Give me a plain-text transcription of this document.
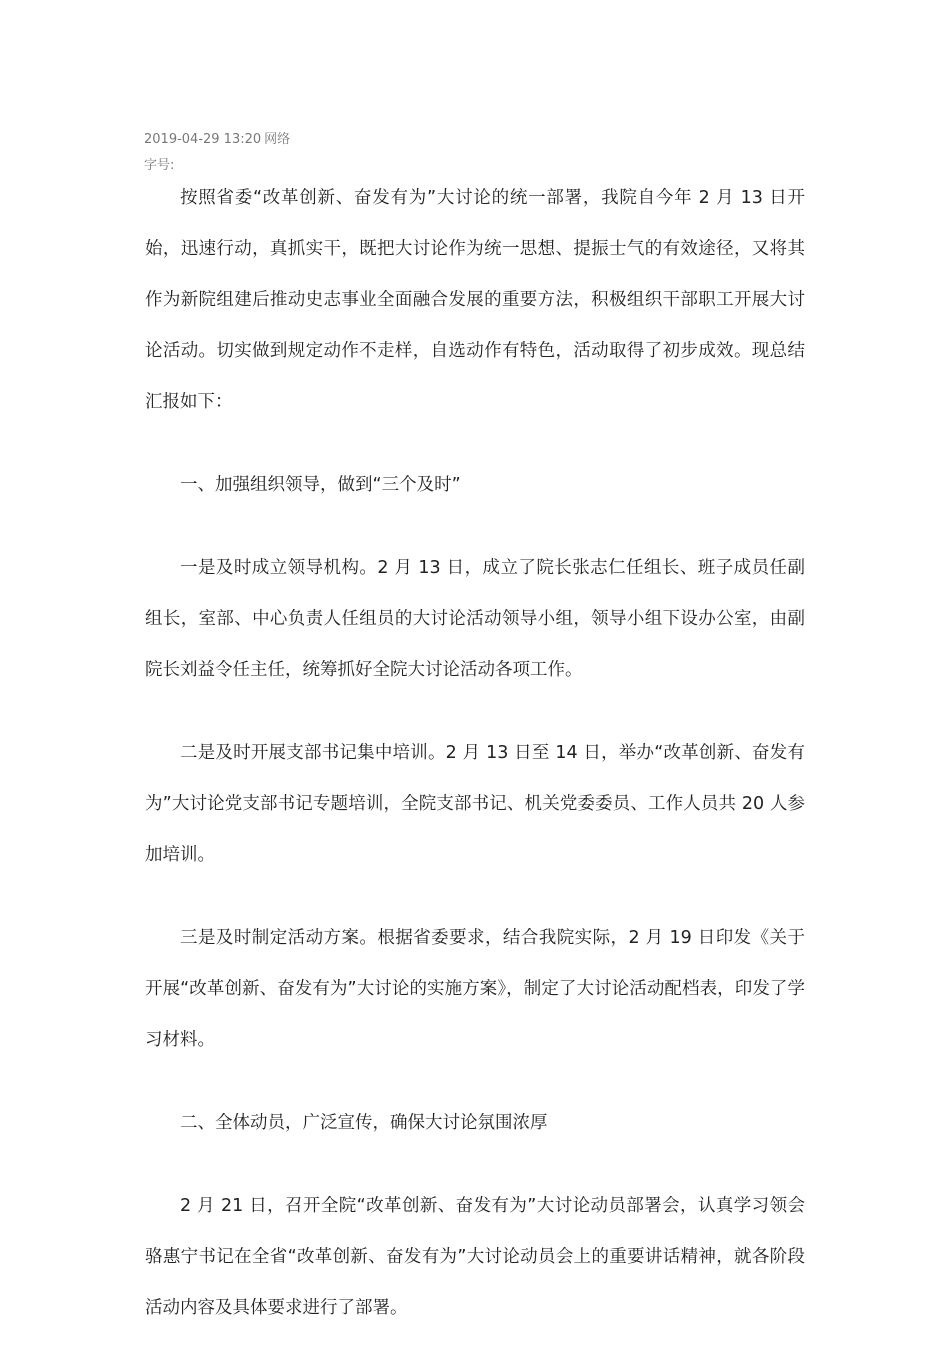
2019-04-29 13:20 网络
字号:

按照省委“改革创新、奋发有为”大讨论的统一部署，我院自今年 2 月 13 日开始，迅速行动，真抓实干，既把大讨论作为统一思想、提振士气的有效途径，又将其作为新院组建后推动史志事业全面融合发展的重要方法，积极组织干部职工开展大讨论活动。切实做到规定动作不走样，自选动作有特色，活动取得了初步成效。现总结汇报如下：

一、加强组织领导，做到“三个及时”

一是及时成立领导机构。2 月 13 日，成立了院长张志仁任组长、班子成员任副组长，室部、中心负责人任组员的大讨论活动领导小组，领导小组下设办公室，由副院长刘益令任主任，统筹抓好全院大讨论活动各项工作。

二是及时开展支部书记集中培训。2 月 13 日至 14 日，举办“改革创新、奋发有为”大讨论党支部书记专题培训，全院支部书记、机关党委委员、工作人员共 20 人参加培训。

三是及时制定活动方案。根据省委要求，结合我院实际，2 月 19 日印发《关于开展“改革创新、奋发有为”大讨论的实施方案》，制定了大讨论活动配档表，印发了学习材料。

二、全体动员，广泛宣传，确保大讨论氛围浓厚

2 月 21 日，召开全院“改革创新、奋发有为”大讨论动员部署会，认真学习领会骆惠宁书记在全省“改革创新、奋发有为”大讨论动员会上的重要讲话精神，就各阶段活动内容及具体要求进行了部署。
